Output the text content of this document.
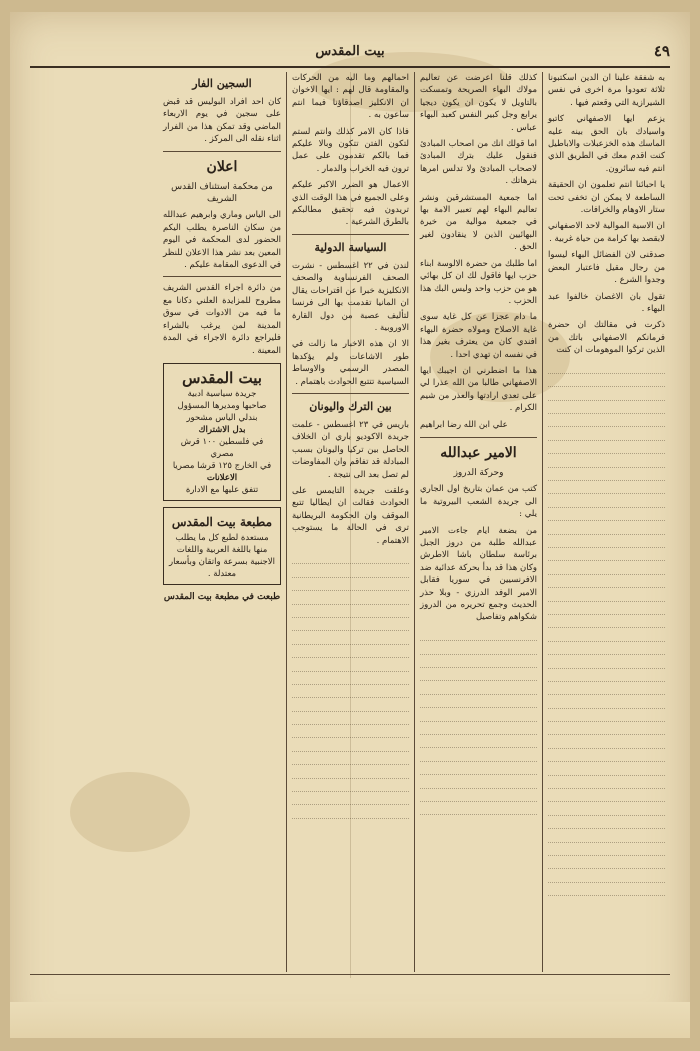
٤٩
بيت المقدس

به شفقة علينا ان الدين اسكتبونا ثلاثة تعودوا مرة اخرى في نفس الشيرازية التي وقعتم فيها .

يزعم ايها الاصفهاني كاتبو واسيادك بان الحق بينه عليه الماسك هذه الخزعبلات والاباطيل كنت اقدم معك في الطريق الذي انتم فيه سائرون.

يا احبائنا انتم تعلمون ان الحقيقة الساطعة لا يمكن ان تخفى تحت ستار الاوهام والخرافات.

ان الاسية الموالية لاحد الاصفهاني لابقصد بها كرامة من حياة غربية .

صدقنى لان الفضائل البهاء ليسوا من رجال مقيل فاعتبار البعض وجدوا الشرع .

تقول بان الاغصان خالفوا عبد البهاء .

ذكرت في مقالتك ان حضرة فرمانكم الاصفهاني باتك من الذين تركوا الموهومات ان كنت

كذلك قلنا اعرضت عن تعاليم مولاك البهاء الصريحة وتمسكت بالتاويل لا يكون ان يكون ديجيا يرابع وجل كبير النفس كعبد البهاء عباس .

اما قولك انك من اصحاب المبادئ فنقول عليك بترك المبادئ لاصحاب المبادئ ولا تدلس امرها بترهاتك .

اما جمعية المستشرقين ونشر تعاليم البهاء لهم تعبير الامة بها في جمعية موالية من خيرة البهائيين الذين لا ينقادون لغير الحق .

اما طلبك من حضرة الالوسة ابناء حزب ايها فاقول لك ان كل بهائي هو من حزب واحد وليس البك هذا الحزب .

ما دام عجزا عن كل غاية سوى غاية الاصلاح ومولاه حضرة البهاء افندي كان من يعترف بغير هذا في نفسه ان تهدي احدا .

هذا ما اضطرني ان اجيبك ايها الاصفهاني طالبا من الله عذرا لي على تعدي ارادتها والعذر من شيم الكرام .

علي ابن الله رضا ابراهيم
الامير عبدالله
وحركة الدروز

كتب من عمان بتاريخ اول الجاري الى جريدة الشعب البيروتية ما يلي :

من بضعة ايام جاءت الامير عبدالله طلبة من دروز الجبل برئاسة سلطان باشا الاطرش وكان هذا قد بدأ بحركة عدائية ضد الافرنسيين في سوريا فقابل الامير الوفد الدرزي - وبلا حذر الحديث وجمع تحريره من الدروز شكواهم وتفاصيل

احمالهم وما اليه من الحركات والمقاومة قال لهم : ايها الاخوان ان الانكليز اصدقاؤنا فيما انتم ساعون به .

فاذا كان الامر كذلك وانتم لستم لتكون الفتن تتكون وبالا عليكم فما بالكم تقدمون على عمل ترون فيه الخراب والدمار .

الاعمال هو الضرر الاكبر عليكم وعلى الجميع في هذا الوقت الذي تريدون فيه تحقيق مطالبكم بالطرق الشرعية .

السياسة الدولية

لندن في ٢٢ اغسطس - نشرت الصحف الفرنساوية والصحف الانكليزية خبرا عن اقتراحات يقال ان المانيا تقدمت بها الى فرنسا لتأليف عصبة من دول القارة الاوروبية .

الا ان هذه الاخبار ما زالت في طور الاشاعات ولم يؤكدها المصدر الرسمي والاوساط السياسية تتتبع الحوادث باهتمام .

بين الترك واليونان

باريس في ٢٣ اغسطس - علمت جريدة الاكوديو باري ان الخلاف الحاصل بين تركيا واليونان بسبب المبادلة قد تفاقم وان المفاوضات لم تصل بعد الى نتيجة .

وعلقت جريدة التايمس على الحوادث فقالت ان ايطاليا تتبع الموقف وان الحكومة البريطانية ترى في الحالة ما يستوجب الاهتمام .

السجين الفار

كان احد افراد البوليس قد قبض على سجين في يوم الاربعاء الماضي وقد تمكن هذا من الفرار اثناء نقله الى المركز .

اعلان
من محكمة استئناف القدس الشريف

الى الياس وماري وابرهيم عبدالله من سكان الناصرة يطلب اليكم الحضور لدى المحكمة في اليوم المعين بعد نشر هذا الاعلان للنظر في الدعوى المقامة عليكم .

من دائرة اجراء القدس الشريف مطروح للمزايدة العلني دكانا مع ما فيه من الادوات في سوق المدينة لمن يرغب بالشراء فليراجع دائرة الاجراء في المدة المعينة .

بيت المقدس
جريدة سياسية ادبية
صاحبها ومديرها المسؤول
بندلي الياس مشحور
بدل الاشتراك
في فلسطين ١٠٠ قرش مصري
في الخارج ١٢٥ قرشا مصريا
الاعلانات
تتفق عليها مع الادارة
مطبعة بيت المقدس
مستعدة لطبع كل ما يطلب منها باللغة العربية واللغات الاجنبية بسرعة واتقان وبأسعار معتدلة .
طبعت في مطبعة بيت المقدس
